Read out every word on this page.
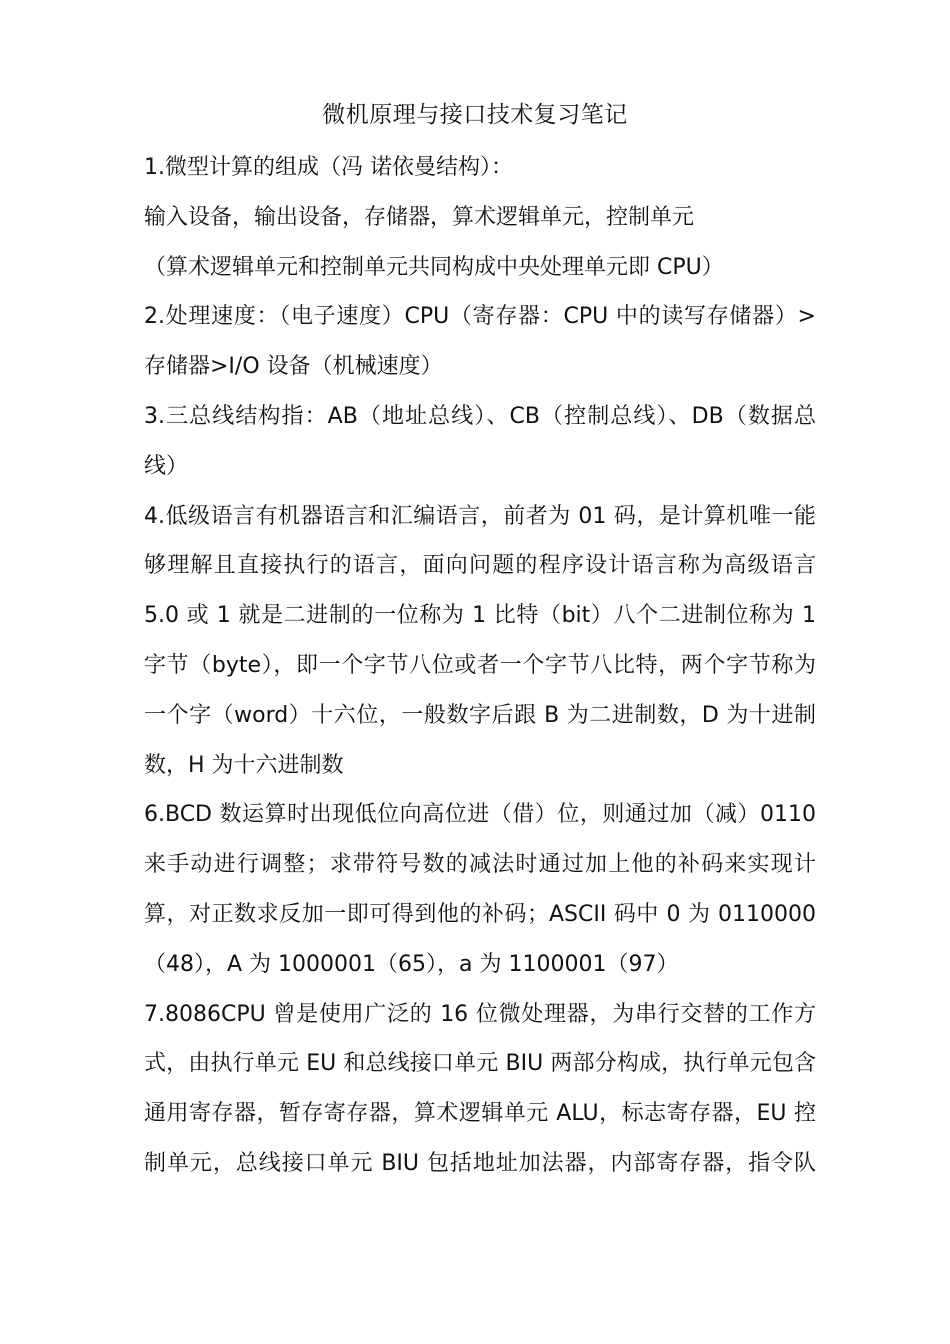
微机原理与接口技术复习笔记
1.微型计算的组成（冯 诺依曼结构）：
输入设备，输出设备，存储器，算术逻辑单元，控制单元
（算术逻辑单元和控制单元共同构成中央处理单元即 CPU）
2.处理速度：（电子速度）CPU（寄存器：CPU 中的读写存储器）>
存储器>I/O 设备（机械速度）
3.三总线结构指：AB（地址总线）、CB（控制总线）、DB（数据总
线）
4.低级语言有机器语言和汇编语言，前者为 01 码，是计算机唯一能
够理解且直接执行的语言，面向问题的程序设计语言称为高级语言
5.0 或 1 就是二进制的一位称为 1 比特（bit）八个二进制位称为 1
字节（byte），即一个字节八位或者一个字节八比特，两个字节称为
一个字（word）十六位，一般数字后跟 B 为二进制数，D 为十进制
数，H 为十六进制数
6.BCD 数运算时出现低位向高位进（借）位，则通过加（减）0110
来手动进行调整；求带符号数的减法时通过加上他的补码来实现计
算，对正数求反加一即可得到他的补码；ASCII 码中 0 为 0110000
（48），A 为 1000001（65），a 为 1100001（97）
7.8086CPU 曾是使用广泛的 16 位微处理器，为串行交替的工作方
式，由执行单元 EU 和总线接口单元 BIU 两部分构成，执行单元包含
通用寄存器，暂存寄存器，算术逻辑单元 ALU，标志寄存器，EU 控
制单元，总线接口单元 BIU 包括地址加法器，内部寄存器，指令队
